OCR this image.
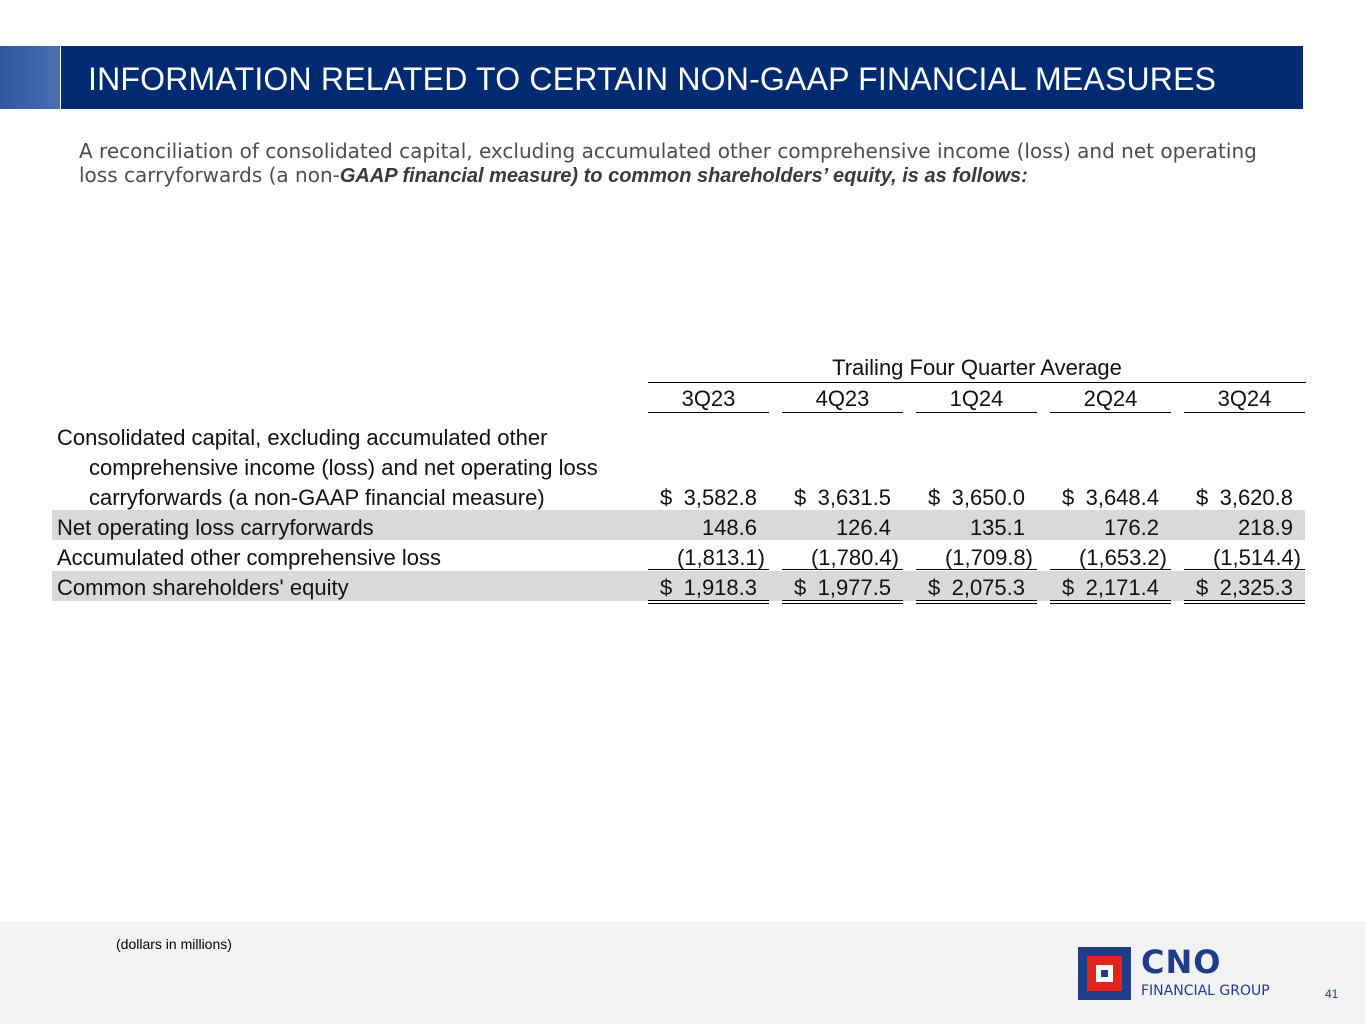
INFORMATION RELATED TO CERTAIN NON-GAAP FINANCIAL MEASURES
A reconciliation of consolidated capital, excluding accumulated other comprehensive income (loss) and net operating loss carryforwards (a non-GAAP financial measure) to common shareholders’ equity, is as follows:
Trailing Four Quarter Average
3Q23	4Q23	1Q24	2Q24	3Q24
Consolidated capital, excluding accumulated other
comprehensive income (loss) and net operating loss
carryforwards (a non-GAAP financial measure)	$ 3,582.8 $ 3,631.5 $ 3,650.0 $ 3,648.4 $ 3,620.8
Net operating loss carryforwards	148.6	126.4	135.1	176.2	218.9
Accumulated other comprehensive loss	(1,813.1) (1,780.4) (1,709.8) (1,653.2) (1,514.4)
Common shareholders' equity	$ 1,918.3 $ 1,977.5 $ 2,075.3 $ 2,171.4 $ 2,325.3
(dollars in millions)	CNO
FINANCIAL GROUP	41
